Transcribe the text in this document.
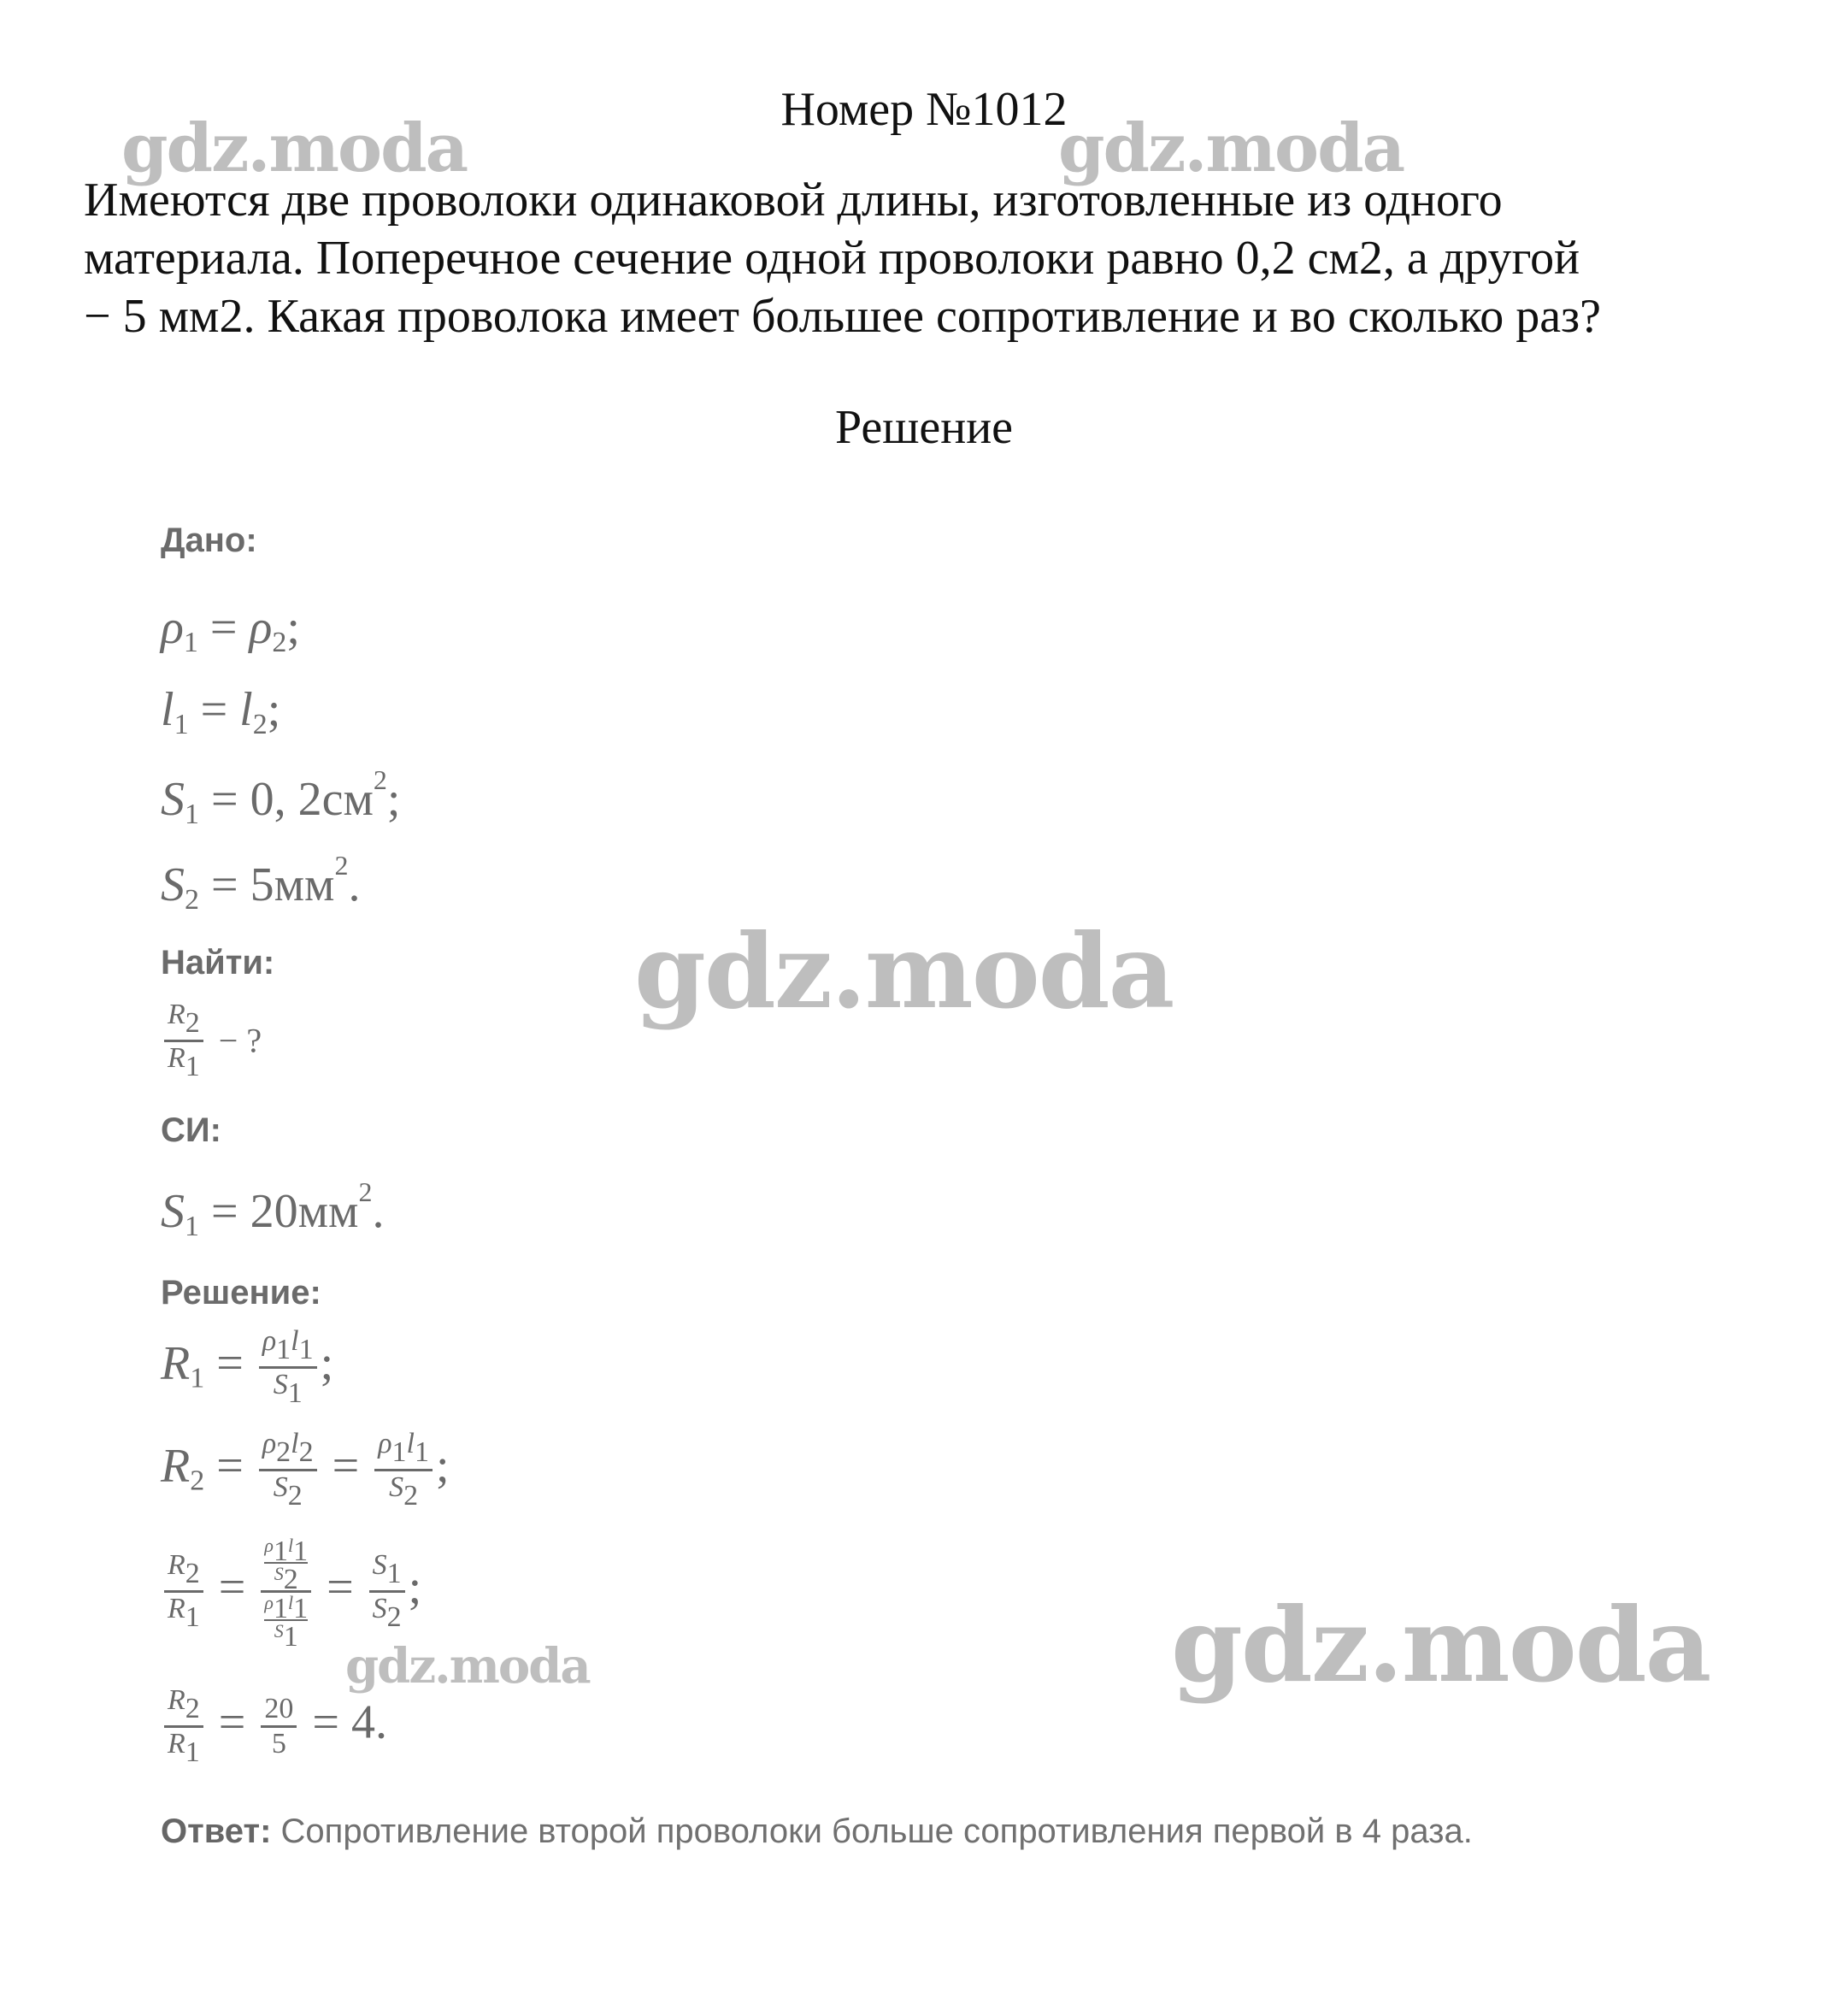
gdz.moda	gdz.moda
gdz.moda
gdz.moda
gdz.moda
Номер №1012
Имеются две проволоки одинаковой длины, изготовленные из одного
материала. Поперечное сечение одной проволоки равно 0,2 см2, а другой
− 5 мм2. Какая проволока имеет большее сопротивление и во сколько раз?
Решение
Дано:
$\rho_1 = \rho_2$;
$l_1 = l_2$;
$S_1 = 0$, $2см^2$;
$S_2 = 5мм^2$.
Найти:
$\frac{R_2}{R_1}$ − ?
СИ:
$S_1 = 20мм^2$.
Решение:
$R_1 = \frac{\rho_1l_1}{S_1}$ ;
$R_2 = \frac{\rho_2l_2}{S_2} = \frac{\rho_1l_1}{S_2}$ ;
$\frac{R_2}{R_1} = \frac{\frac{\rho_1l_1}{S_2}}{\frac{\rho_1l_1}{S_1}} = \frac{S_1}{S_2}$ ;
$\frac{R_2}{R_1} = \frac{20}{5} = 4$.
Ответ: Сопротивление второй проволоки больше сопротивления первой в 4 раза.
